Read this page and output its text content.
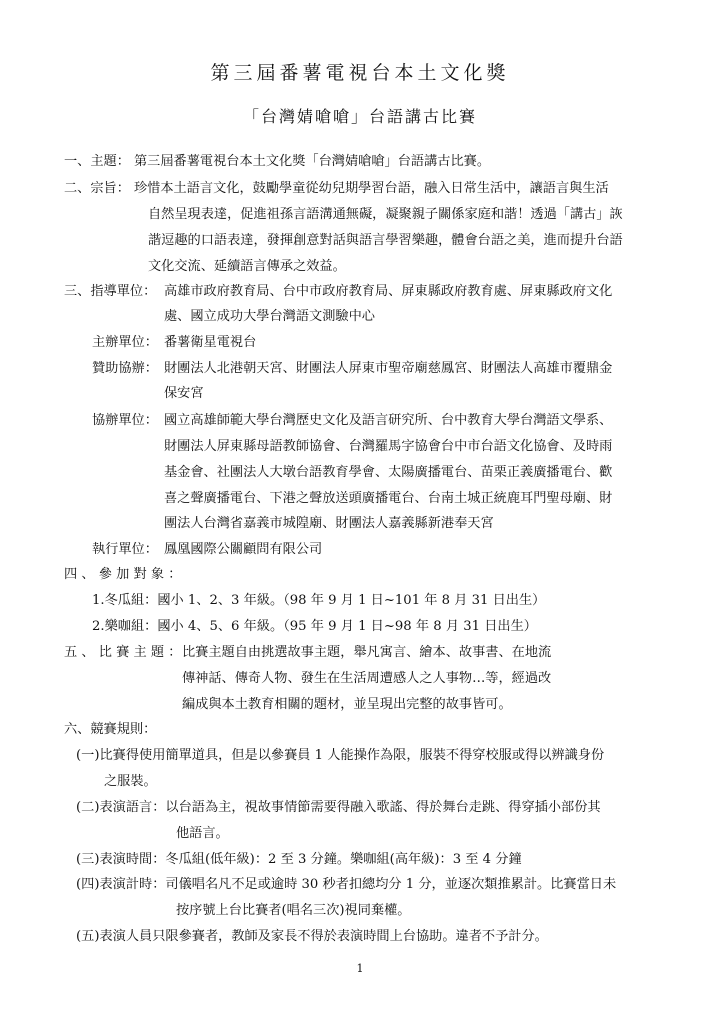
第三屆番薯電視台本土文化獎
「台灣婧嗆嗆」台語講古比賽
一、主題： 第三屆番薯電視台本土文化獎「台灣婧嗆嗆」台語講古比賽。
二、宗旨： 珍惜本土語言文化，鼓勵學童從幼兒期學習台語，融入日常生活中，讓語言與生活
自然呈現表達，促進祖孫言語溝通無礙，凝聚親子關係家庭和諧！透過「講古」詼
諧逗趣的口語表達，發揮創意對話與語言學習樂趣，體會台語之美，進而提升台語
文化交流、延續語言傳承之效益。
三、指導單位： 高雄市政府教育局、台中市政府教育局、屏東縣政府教育處、屏東縣政府文化
處、國立成功大學台灣語文測驗中心
主辦單位： 番薯衛星電視台
贊助協辦： 財團法人北港朝天宮、財團法人屏東市聖帝廟慈鳳宮、財團法人高雄市覆鼎金
保安宮
協辦單位： 國立高雄師範大學台灣歷史文化及語言研究所、台中教育大學台灣語文學系、
財團法人屏東縣母語教師協會、台灣羅馬字協會台中市台語文化協會、及時雨
基金會、社團法人大墩台語教育學會、太陽廣播電台、苗栗正義廣播電台、歡
喜之聲廣播電台、下港之聲放送頭廣播電台、台南土城正統鹿耳門聖母廟、財
團法人台灣省嘉義市城隍廟、財團法人嘉義縣新港奉天宮
執行單位： 鳳凰國際公關顧問有限公司
四 、 參 加 對 象 ：
1.冬瓜組：國小 1、2、3 年級。（98 年 9 月 1 日~101 年 8 月 31 日出生）
2.樂咖組：國小 4、5、6 年級。（95 年 9 月 1 日~98 年 8 月 31 日出生）
五 、 比 賽 主 題 ： 比賽主題自由挑選故事主題，舉凡寓言、繪本、故事書、在地流
傳神話、傳奇人物、發生在生活周遭感人之人事物…等，經過改
編成與本土教育相關的題材，並呈現出完整的故事皆可。
六、競賽規則：
(一)比賽得使用簡單道具，但是以參賽員 1 人能操作為限，服裝不得穿校服或得以辨識身份
之服裝。
(二)表演語言：以台語為主，視故事情節需要得融入歌謠、得於舞台走跳、得穿插小部份其
他語言。
(三)表演時間：冬瓜組(低年級)：2 至 3 分鐘。樂咖組(高年級)：3 至 4 分鐘
(四)表演計時：司儀唱名凡不足或逾時 30 秒者扣總均分 1 分，並逐次類推累計。比賽當日未
按序號上台比賽者(唱名三次)視同棄權。
(五)表演人員只限參賽者，教師及家長不得於表演時間上台協助。違者不予計分。
1
